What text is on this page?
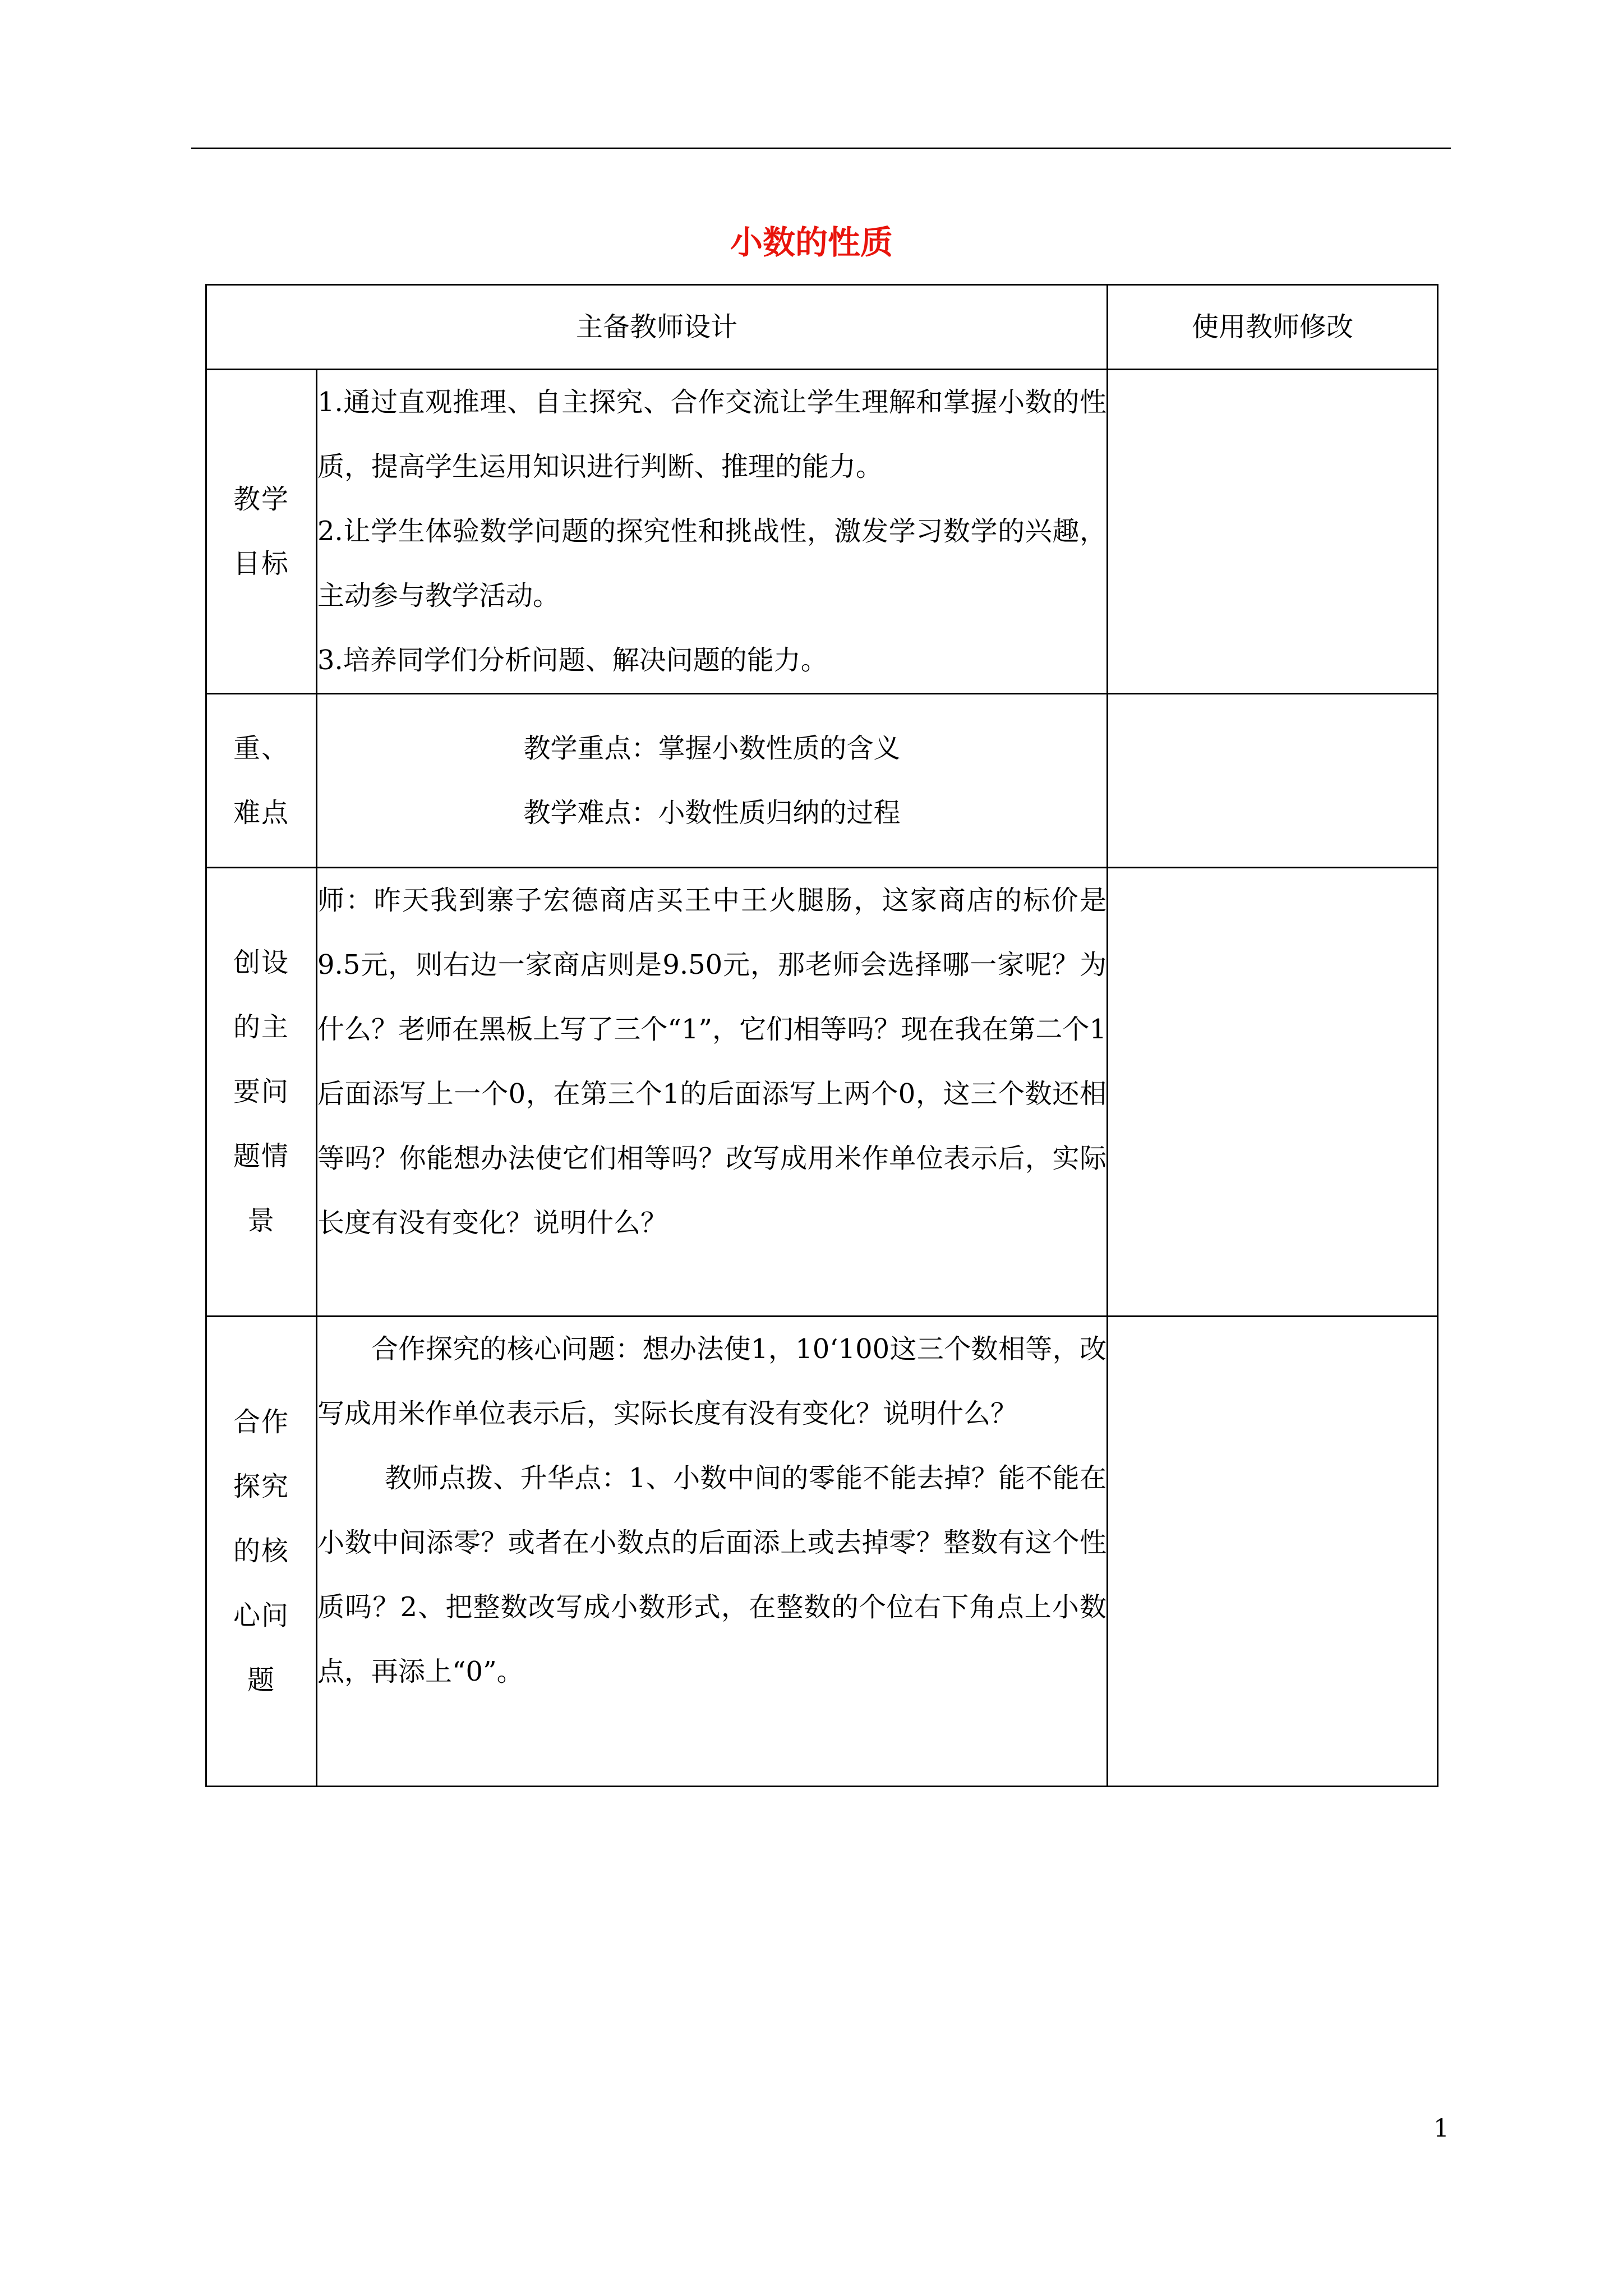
小数的性质
主备教师设计		使用教师修改
教学目标	1.通过直观推理、自主探究、合作交流让学生理解和掌握小数的性质，提高学生运用知识进行判断、推理的能力。

2.让学生体验数学问题的探究性和挑战性，激发学习数学的兴趣，主动参与教学活动。

3.培养同学们分析问题、解决问题的能力。	

重、难点	教学重点：掌握小数性质的含义

教学难点：小数性质归纳的过程	

创设的主要问题情景	师：昨天我到寨子宏德商店买王中王火腿肠，这家商店的标价是9.5元，则右边一家商店则是9.50元，那老师会选择哪一家呢？为什么？老师在黑板上写了三个“1”，它们相等吗？现在我在第二个1后面添写上一个0，在第三个1的后面添写上两个0，这三个数还相等吗？你能想办法使它们相等吗？改写成用米作单位表示后，实际长度有没有变化？说明什么？	

合作探究的核心问题	合作探究的核心问题：想办法使1，10‘100这三个数相等，改写成用米作单位表示后，实际长度有没有变化？说明什么？

教师点拨、升华点：1、小数中间的零能不能去掉？能不能在小数中间添零？或者在小数点的后面添上或去掉零？整数有这个性质吗？2、把整数改写成小数形式，在整数的个位右下角点上小数点，再添上“0”。	

1
